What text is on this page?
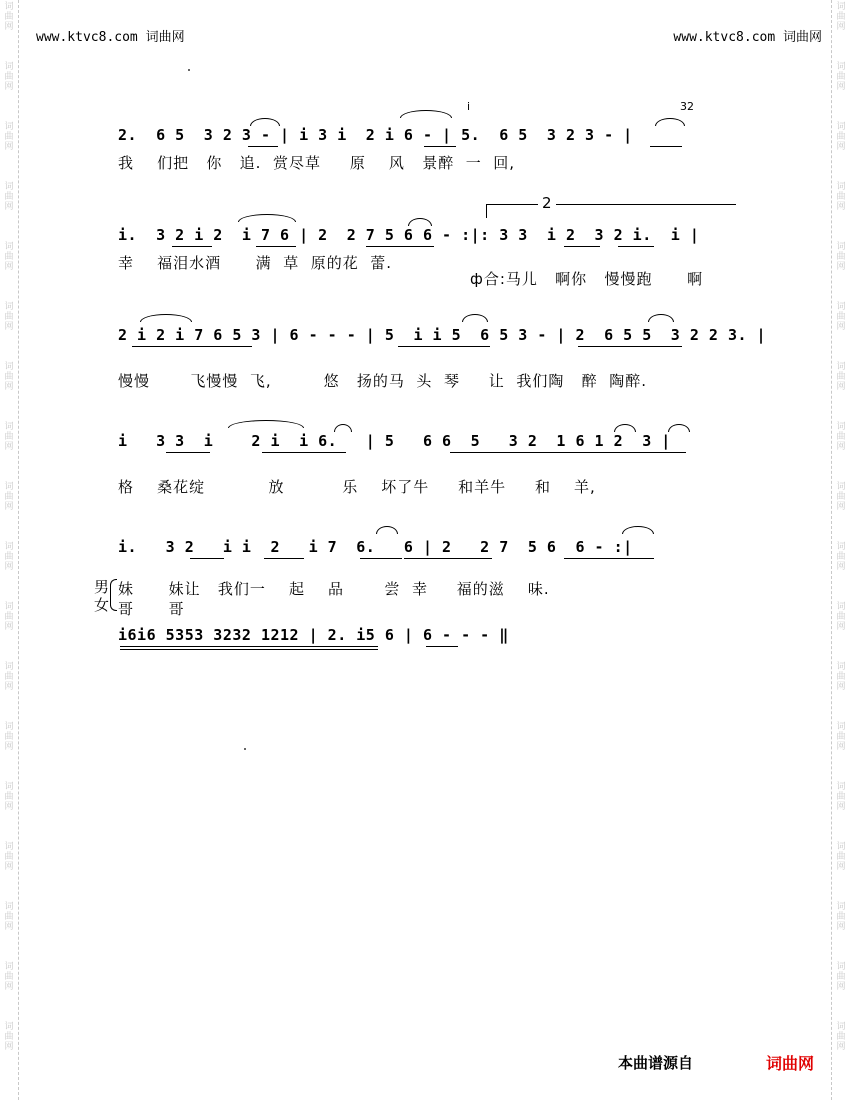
词
曲
网
词
曲
网
词
曲
网
词
曲
网
词
曲
网
词
曲
网
词
曲
网
词
曲
网
词
曲
网
词
曲
网
词
曲
网
词
曲
网
词
曲
网
词
曲
网
词
曲
网
词
曲
网
词
曲
网
词
曲
网
词
曲
网
词
曲
网
词
曲
网
词
曲
网
词
曲
网
词
曲
网
词
曲
网
词
曲
网
词
曲
网
词
曲
网
词
曲
网
词
曲
网
词
曲
网
词
曲
网
词
曲
网
词
曲
网
词
曲
网
词
曲
网
www.ktvc8.com 词曲网	www.ktvc8.com 词曲网
2.  6 5  3 2 3 - | i 3 i  2 i 6 - | 5.  6 5  3 2 3 - |
i	32
我    们把   你   追.  赏尽草     原    风   景醉  一  回,
2
i.  3 2 i 2  i 7 6 | 2  2 7 5 6 6 - :|: 3 3  i 2  3 2 i.  i |
幸    福泪水酒      满  草  原的花  蕾.
ф合:马儿   啊你   慢慢跑      啊
2 i 2 i 7 6 5 3 | 6 - - - | 5  i i 5  6 5 3 - | 2  6 5 5  3 2 2 3. |
慢慢       飞慢慢  飞,         悠   扬的马  头  琴     让  我们陶   醉  陶醉.
i   3 3  i    2 i  i 6.   | 5   6 6  5   3 2  1 6 1 2  3 |
格    桑花绽           放          乐    坏了牛     和羊牛     和    羊,
i.   3 2   i i  2   i 7  6.   6 | 2   2 7  5 6  6 - :|
男
女
妹      妹让   我们一    起    品       尝  幸     福的滋    味.
哥      哥
i6i6 5353 3232 1212 | 2. i5 6 | 6 - - - ‖
本曲谱源自	词曲网
